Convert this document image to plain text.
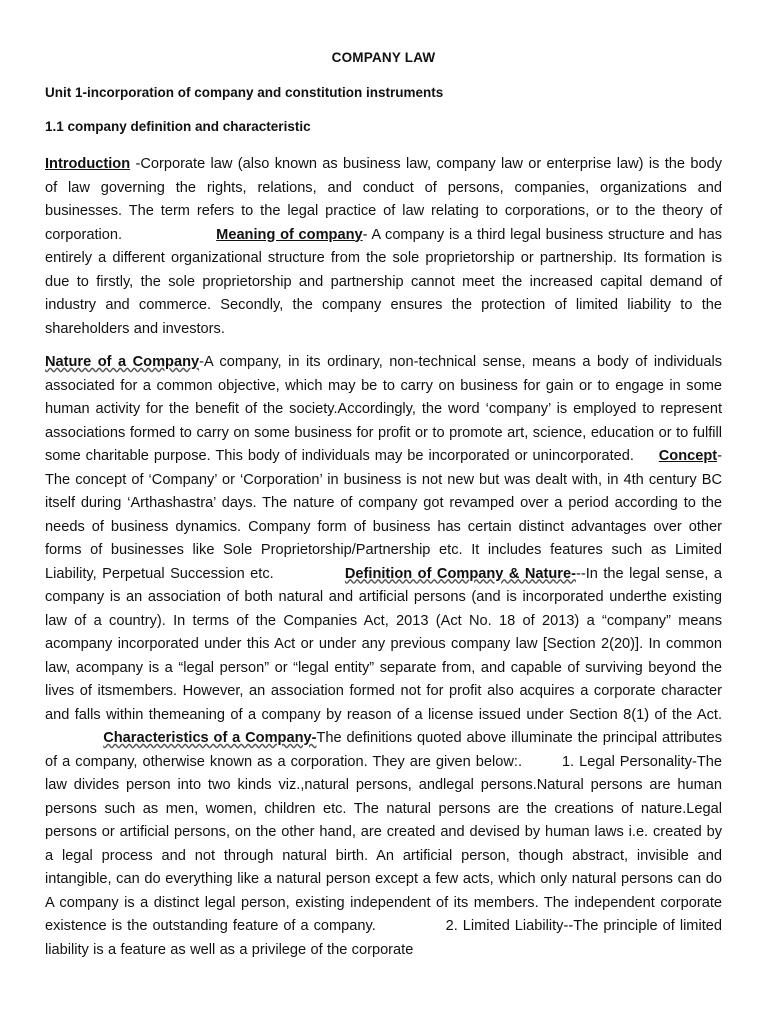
COMPANY LAW

Unit 1-incorporation of company and constitution instruments

1.1 company definition and characteristic

Introduction -Corporate law (also known as business law, company law or enterprise law) is the body of law governing the rights, relations, and conduct of persons, companies, organizations and businesses. The term refers to the legal practice of law relating to corporations, or to the theory of corporation.                    Meaning of company- A company is a third legal business structure and has entirely a different organizational structure from the sole proprietorship or partnership. Its formation is due to firstly, the sole proprietorship and partnership cannot meet the increased capital demand of industry and commerce. Secondly, the company ensures the protection of limited liability to the shareholders and investors.

Nature of a Company-A company, in its ordinary, non-technical sense, means a body of individuals associated for a common objective, which may be to carry on business for gain or to engage in some human activity for the benefit of the society.Accordingly, the word ‘company’ is employed to represent associations formed to carry on some business for profit or to promote art, science, education or to fulfill some charitable purpose. This body of individuals may be incorporated or unincorporated.     Concept-The concept of ‘Company’ or ‘Corporation’ in business is not new but was dealt with, in 4th century BC itself during ‘Arthashastra’ days. The nature of company got revamped over a period according to the needs of business dynamics. Company form of business has certain distinct advantages over other forms of businesses like Sole Proprietorship/Partnership etc. It includes features such as Limited Liability, Perpetual Succession etc.             Definition of Company & Nature---In the legal sense, a company is an association of both natural and artificial persons (and is incorporated underthe existing law of a country). In terms of the Companies Act, 2013 (Act No. 18 of 2013) a “company” means acompany incorporated under this Act or under any previous company law [Section 2(20)]. In common law, acompany is a “legal person” or “legal entity” separate from, and capable of surviving beyond the lives of itsmembers. However, an association formed not for profit also acquires a corporate character and falls within themeaning of a company by reason of a license issued under Section 8(1) of the Act.             Characteristics of a Company-The definitions quoted above illuminate the principal attributes of a company, otherwise known as a corporation. They are given below:.        1. Legal Personality-The law divides person into two kinds viz.,natural persons, andlegal persons.Natural persons are human persons such as men, women, children etc. The natural persons are the creations of nature.Legal persons or artificial persons, on the other hand, are created and devised by human laws i.e. created by a legal process and not through natural birth. An artificial person, though abstract, invisible and intangible, can do everything like a natural person except a few acts, which only natural persons can do A company is a distinct legal person, existing independent of its members. The independent corporate existence is the outstanding feature of a company.              2. Limited Liability--The principle of limited liability is a feature as well as a privilege of the corporate
